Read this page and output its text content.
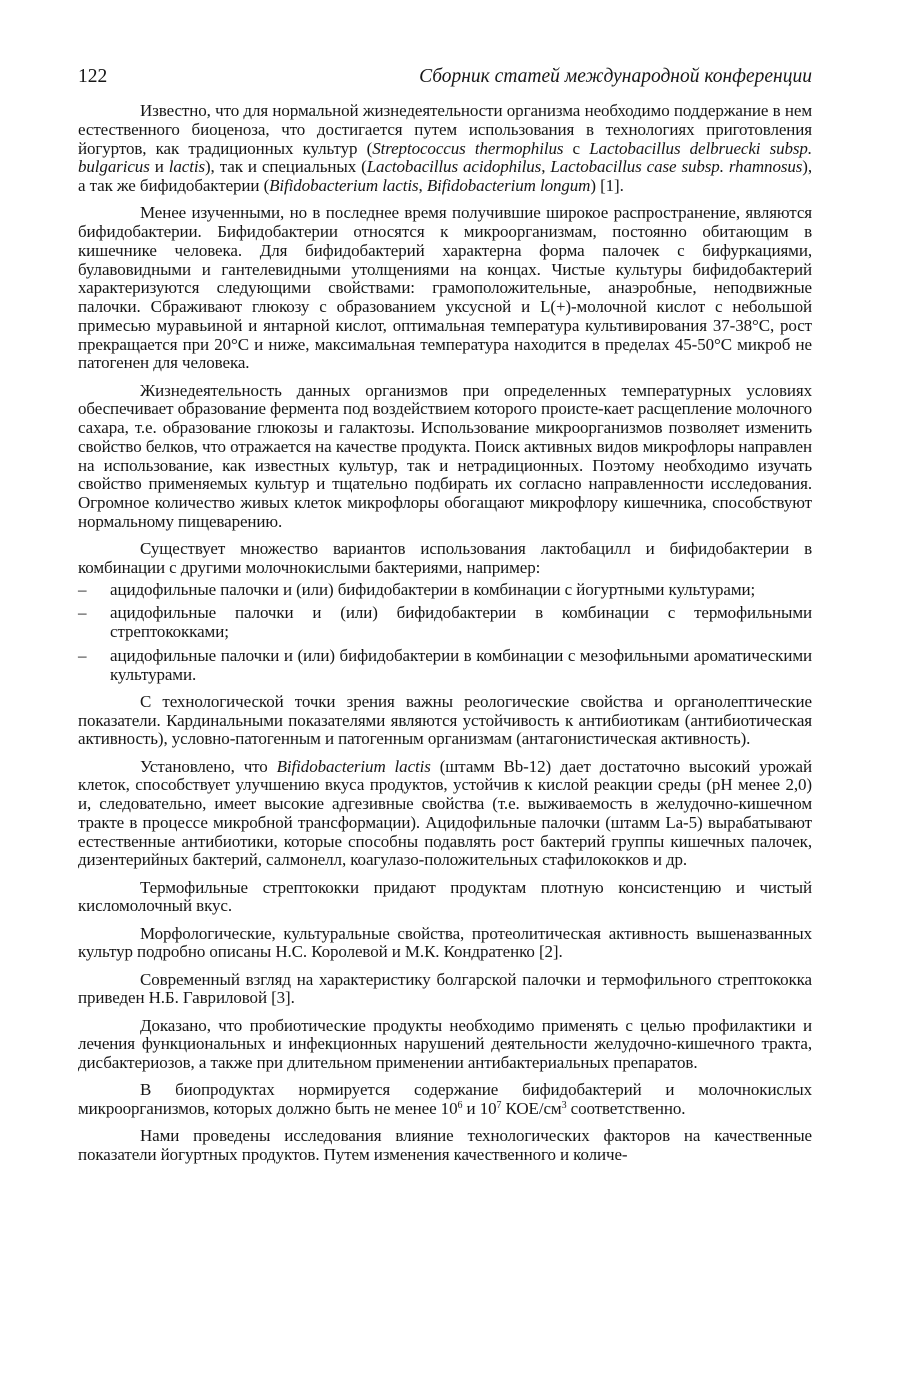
122	Сборник статей международной конференции

Известно, что для нормальной жизнедеятельности организма необходимо поддержание в нем естественного биоценоза, что достигается путем использования в технологиях приготовления йогуртов, как традиционных культур (Streptococcus thermophilus с Lactobacillus delbruecki subsp. bulgaricus и lactis), так и специальных (Lactobacillus acidophilus, Lactobacillus case subsp. rhamnosus), а так же бифидобактерии (Bifidobacterium lactis, Bifidobacterium longum) [1].

Менее изученными, но в последнее время получившие широкое распространение, являются бифидобактерии. Бифидобактерии относятся к микроорганизмам, постоянно обитающим в кишечнике человека. Для бифидобактерий характерна форма палочек с бифуркациями, булавовидными и гантелевидными утолщениями на концах. Чистые культуры бифидобактерий характеризуются следующими свойствами: грамоположительные, анаэробные, неподвижные палочки. Сбраживают глюкозу с образованием уксусной и L(+)-молочной кислот с небольшой примесью муравьиной и янтарной кислот, оптимальная температура культивирования 37-38°С, рост прекращается при 20°С и ниже, максимальная температура находится в пределах 45-50°С микроб не патогенен для человека.

Жизнедеятельность данных организмов при определенных температурных условиях обеспечивает образование фермента под воздействием которого происте-кает расщепление молочного сахара, т.е. образование глюкозы и галактозы. Использование микроорганизмов позволяет изменить свойство белков, что отражается на качестве продукта. Поиск активных видов микрофлоры направлен на использование, как известных культур, так и нетрадиционных. Поэтому необходимо изучать свойство применяемых культур и тщательно подбирать их согласно направленности исследования. Огромное количество живых клеток микрофлоры обогащают микрофлору кишечника, способствуют нормальному пищеварению.

Существует множество вариантов использования лактобацилл и бифидобактерии в комбинации с другими молочнокислыми бактериями, например:

– ацидофильные палочки и (или) бифидобактерии в комбинации с йогуртными культурами;
– ацидофильные палочки и (или) бифидобактерии в комбинации с термофильными стрептококками;
– ацидофильные палочки и (или) бифидобактерии в комбинации с мезофильными ароматическими культурами.

С технологической точки зрения важны реологические свойства и органолептические показатели. Кардинальными показателями являются устойчивость к антибиотикам (антибиотическая активность), условно-патогенным и патогенным организмам (антагонистическая активность).

Установлено, что Bifidobacterium lactis (штамм Bb-12) дает достаточно высокий урожай клеток, способствует улучшению вкуса продуктов, устойчив к кислой реакции среды (pH менее 2,0) и, следовательно, имеет высокие адгезивные свойства (т.е. выживаемость в желудочно-кишечном тракте в процессе микробной трансформации). Ацидофильные палочки (штамм La-5) вырабатывают естественные антибиотики, которые способны подавлять рост бактерий группы кишечных палочек, дизентерийных бактерий, салмонелл, коагулазо-положительных стафилококков и др.

Термофильные стрептококки придают продуктам плотную консистенцию и чистый кисломолочный вкус.

Морфологические, культуральные свойства, протеолитическая активность вышеназванных культур подробно описаны Н.С. Королевой и М.К. Кондратенко [2].

Современный взгляд на характеристику болгарской палочки и термофильного стрептококка приведен Н.Б. Гавриловой [3].

Доказано, что пробиотические продукты необходимо применять с целью профилактики и лечения функциональных и инфекционных нарушений деятельности желудочно-кишечного тракта, дисбактериозов, а также при длительном применении антибактериальных препаратов.

В биопродуктах нормируется содержание бифидобактерий и молочнокислых микроорганизмов, которых должно быть не менее $10^6$ и $10^7$ КОЕ/$см^3$ соответственно.

Нами проведены исследования влияние технологических факторов на качественные показатели йогуртных продуктов. Путем изменения качественного и количе-
